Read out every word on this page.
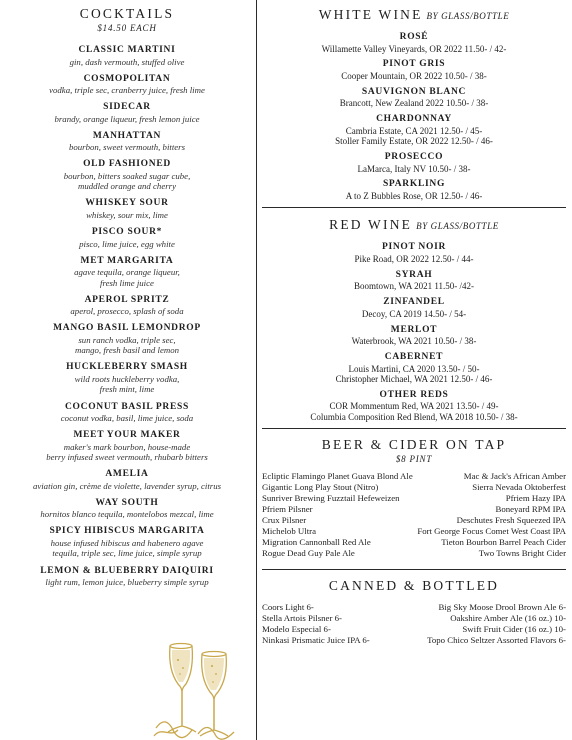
COCKTAILS
$14.50 EACH
CLASSIC MARTINI
gin, dash vermouth, stuffed olive
COSMOPOLITAN
vodka, triple sec, cranberry juice, fresh lime
SIDECAR
brandy, orange liqueur, fresh lemon juice
MANHATTAN
bourbon, sweet vermouth, bitters
OLD FASHIONED
bourbon, bitters soaked sugar cube,
muddled orange and cherry
WHISKEY SOUR
whiskey, sour mix, lime
PISCO SOUR*
pisco, lime juice, egg white
MET MARGARITA
agave tequila, orange liqueur,
fresh lime juice
APEROL SPRITZ
aperol, prosecco, splash of soda
MANGO BASIL LEMONDROP
sun ranch vodka, triple sec,
mango, fresh basil and lemon
HUCKLEBERRY SMASH
wild roots huckleberry vodka,
fresh mint, lime
COCONUT BASIL PRESS
coconut vodka, basil, lime juice, soda
MEET YOUR MAKER
maker's mark bourbon, house-made
berry infused sweet vermouth, rhubarb bitters
AMELIA
aviation gin, crème de violette, lavender syrup, citrus
WAY SOUTH
hornitos blanco tequila, montelobos mezcal, lime
SPICY HIBISCUS MARGARITA
house infused hibiscus and habenero agave
tequila, triple sec, lime juice, simple syrup
LEMON & BLUEBERRY DAIQUIRI
light rum, lemon juice, blueberry simple syrup
WHITE WINE BY GLASS/BOTTLE
ROSÉ
Willamette Valley Vineyards, OR 2022 11.50- / 42-
PINOT GRIS
Cooper Mountain, OR 2022 10.50- / 38-
SAUVIGNON BLANC
Brancott, New Zealand 2022 10.50- / 38-
CHARDONNAY
Cambria Estate, CA 2021 12.50- / 45-
Stoller Family Estate, OR 2022 12.50- / 46-
PROSECCO
LaMarca, Italy NV 10.50- / 38-
SPARKLING
A to Z Bubbles Rose, OR 12.50- / 46-
RED WINE BY GLASS/BOTTLE
PINOT NOIR
Pike Road, OR 2022 12.50- / 44-
SYRAH
Boomtown, WA 2021 11.50- /42-
ZINFANDEL
Decoy, CA 2019 14.50- / 54-
MERLOT
Waterbrook, WA 2021 10.50- / 38-
CABERNET
Louis Martini, CA 2020 13.50- / 50-
Christopher Michael, WA 2021 12.50- / 46-
OTHER REDS
COR Mommentum Red, WA 2021 13.50- / 49-
Columbia Composition Red Blend, WA 2018 10.50- / 38-
BEER & CIDER ON TAP
$8 PINT
Ecliptic Flamingo Planet Guava Blond Ale
Gigantic Long Play Stout (Nitro)
Sunriver Brewing Fuzztail Hefeweizen
Pfriem Pilsner
Crux Pilsner
Michelob Ultra
Migration Cannonball Red Ale
Rogue Dead Guy Pale Ale
Mac & Jack's African Amber
Sierra Nevada Oktoberfest
Pfriem Hazy IPA
Boneyard RPM IPA
Deschutes Fresh Squeezed IPA
Fort George Focus Comet West Coast IPA
Tieton Bourbon Barrel Peach Cider
Two Towns Bright Cider
CANNED & BOTTLED
Coors Light 6-
Stella Artois Pilsner 6-
Modelo Especial 6-
Ninkasi Prismatic Juice IPA 6-
Big Sky Moose Drool Brown Ale 6-
Oakshire Amber Ale (16 oz.) 10-
Swift Fruit Cider (16 oz.) 10-
Topo Chico Seltzer Assorted Flavors 6-
